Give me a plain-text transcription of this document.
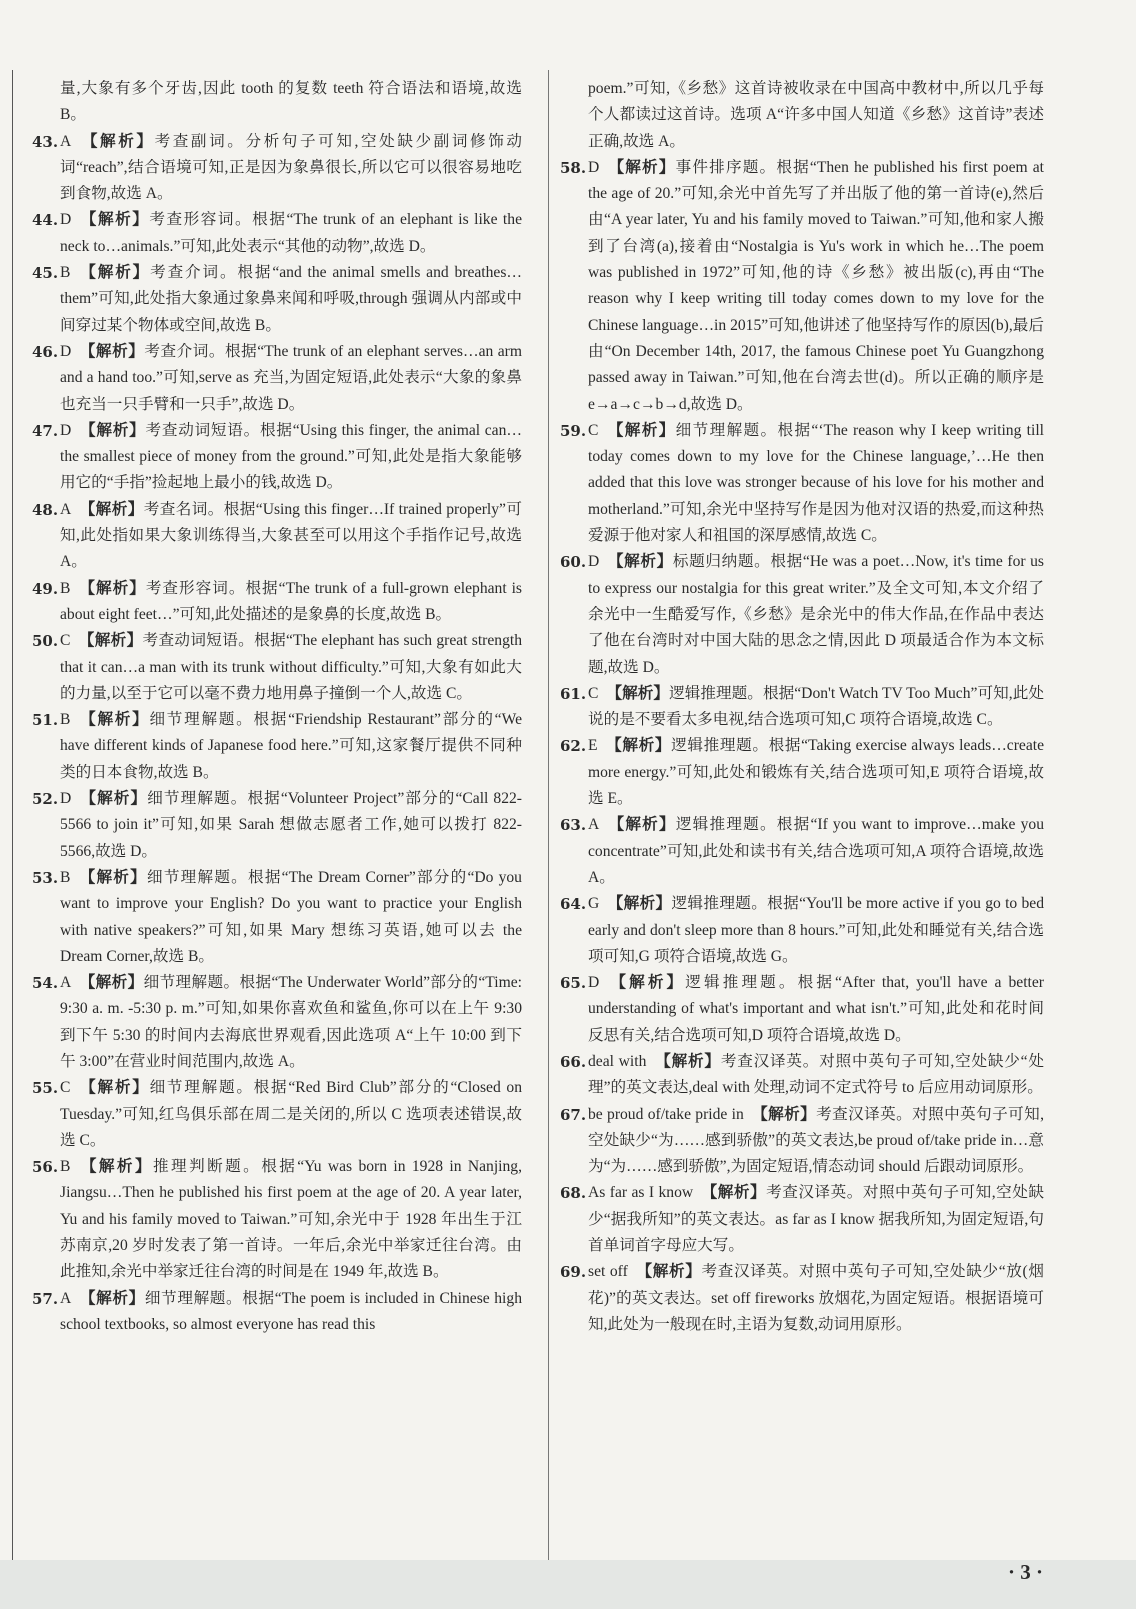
量,大象有多个牙齿,因此 tooth 的复数 teeth 符合语法和语境,故选 B。
43. A 【解析】考查副词。分析句子可知,空处缺少副词修饰动词“reach”,结合语境可知,正是因为象鼻很长,所以它可以很容易地吃到食物,故选 A。
44. D 【解析】考查形容词。根据“The trunk of an elephant is like the neck to…animals.”可知,此处表示“其他的动物”,故选 D。
45. B 【解析】考查介词。根据“and the animal smells and breathes…them”可知,此处指大象通过象鼻来闻和呼吸,through 强调从内部或中间穿过某个物体或空间,故选 B。
46. D 【解析】考查介词。根据“The trunk of an elephant serves…an arm and a hand too.”可知,serve as 充当,为固定短语,此处表示“大象的象鼻也充当一只手臂和一只手”,故选 D。
47. D 【解析】考查动词短语。根据“Using this finger, the animal can…the smallest piece of money from the ground.”可知,此处是指大象能够用它的“手指”捡起地上最小的钱,故选 D。
48. A 【解析】考查名词。根据“Using this finger…If trained properly”可知,此处指如果大象训练得当,大象甚至可以用这个手指作记号,故选 A。
49. B 【解析】考查形容词。根据“The trunk of a full-grown elephant is about eight feet…”可知,此处描述的是象鼻的长度,故选 B。
50. C 【解析】考查动词短语。根据“The elephant has such great strength that it can…a man with its trunk without difficulty.”可知,大象有如此大的力量,以至于它可以毫不费力地用鼻子撞倒一个人,故选 C。
51. B 【解析】细节理解题。根据“Friendship Restaurant”部分的“We have different kinds of Japanese food here.”可知,这家餐厅提供不同种类的日本食物,故选 B。
52. D 【解析】细节理解题。根据“Volunteer Project”部分的“Call 822-5566 to join it”可知,如果 Sarah 想做志愿者工作,她可以拨打 822-5566,故选 D。
53. B 【解析】细节理解题。根据“The Dream Corner”部分的“Do you want to improve your English? Do you want to practice your English with native speakers?”可知,如果 Mary 想练习英语,她可以去 the Dream Corner,故选 B。
54. A 【解析】细节理解题。根据“The Underwater World”部分的“Time: 9:30 a. m. -5:30 p. m.”可知,如果你喜欢鱼和鲨鱼,你可以在上午 9:30 到下午 5:30 的时间内去海底世界观看,因此选项 A“上午 10:00 到下午 3:00”在营业时间范围内,故选 A。
55. C 【解析】细节理解题。根据“Red Bird Club”部分的“Closed on Tuesday.”可知,红鸟俱乐部在周二是关闭的,所以 C 选项表述错误,故选 C。
56. B 【解析】推理判断题。根据“Yu was born in 1928 in Nanjing, Jiangsu…Then he published his first poem at the age of 20. A year later, Yu and his family moved to Taiwan.”可知,余光中于 1928 年出生于江苏南京,20 岁时发表了第一首诗。一年后,余光中举家迁往台湾。由此推知,余光中举家迁往台湾的时间是在 1949 年,故选 B。
57. A 【解析】细节理解题。根据“The poem is included in Chinese high school textbooks, so almost everyone has read this
poem.”可知,《乡愁》这首诗被收录在中国高中教材中,所以几乎每个人都读过这首诗。选项 A“许多中国人知道《乡愁》这首诗”表述正确,故选 A。
58. D 【解析】事件排序题。根据“Then he published his first poem at the age of 20.”可知,余光中首先写了并出版了他的第一首诗(e),然后由“A year later, Yu and his family moved to Taiwan.”可知,他和家人搬到了台湾(a),接着由“Nostalgia is Yu's work in which he…The poem was published in 1972”可知,他的诗《乡愁》被出版(c),再由“The reason why I keep writing till today comes down to my love for the Chinese language…in 2015”可知,他讲述了他坚持写作的原因(b),最后由“On December 14th, 2017, the famous Chinese poet Yu Guangzhong passed away in Taiwan.”可知,他在台湾去世(d)。所以正确的顺序是 e→a→c→b→d,故选 D。
59. C 【解析】细节理解题。根据“‘The reason why I keep writing till today comes down to my love for the Chinese language,’…He then added that this love was stronger because of his love for his mother and motherland.”可知,余光中坚持写作是因为他对汉语的热爱,而这种热爱源于他对家人和祖国的深厚感情,故选 C。
60. D 【解析】标题归纳题。根据“He was a poet…Now, it's time for us to express our nostalgia for this great writer.”及全文可知,本文介绍了余光中一生酷爱写作,《乡愁》是余光中的伟大作品,在作品中表达了他在台湾时对中国大陆的思念之情,因此 D 项最适合作为本文标题,故选 D。
61. C 【解析】逻辑推理题。根据“Don't Watch TV Too Much”可知,此处说的是不要看太多电视,结合选项可知,C 项符合语境,故选 C。
62. E 【解析】逻辑推理题。根据“Taking exercise always leads…create more energy.”可知,此处和锻炼有关,结合选项可知,E 项符合语境,故选 E。
63. A 【解析】逻辑推理题。根据“If you want to improve…make you concentrate”可知,此处和读书有关,结合选项可知,A 项符合语境,故选 A。
64. G 【解析】逻辑推理题。根据“You'll be more active if you go to bed early and don't sleep more than 8 hours.”可知,此处和睡觉有关,结合选项可知,G 项符合语境,故选 G。
65. D 【解析】逻辑推理题。根据“After that, you'll have a better understanding of what's important and what isn't.”可知,此处和花时间反思有关,结合选项可知,D 项符合语境,故选 D。
66. deal with 【解析】考查汉译英。对照中英句子可知,空处缺少“处理”的英文表达,deal with 处理,动词不定式符号 to 后应用动词原形。
67. be proud of/take pride in 【解析】考查汉译英。对照中英句子可知,空处缺少“为……感到骄傲”的英文表达,be proud of/take pride in…意为“为……感到骄傲”,为固定短语,情态动词 should 后跟动词原形。
68. As far as I know 【解析】考查汉译英。对照中英句子可知,空处缺少“据我所知”的英文表达。as far as I know 据我所知,为固定短语,句首单词首字母应大写。
69. set off 【解析】考查汉译英。对照中英句子可知,空处缺少“放(烟花)”的英文表达。set off fireworks 放烟花,为固定短语。根据语境可知,此处为一般现在时,主语为复数,动词用原形。
· 3 ·
